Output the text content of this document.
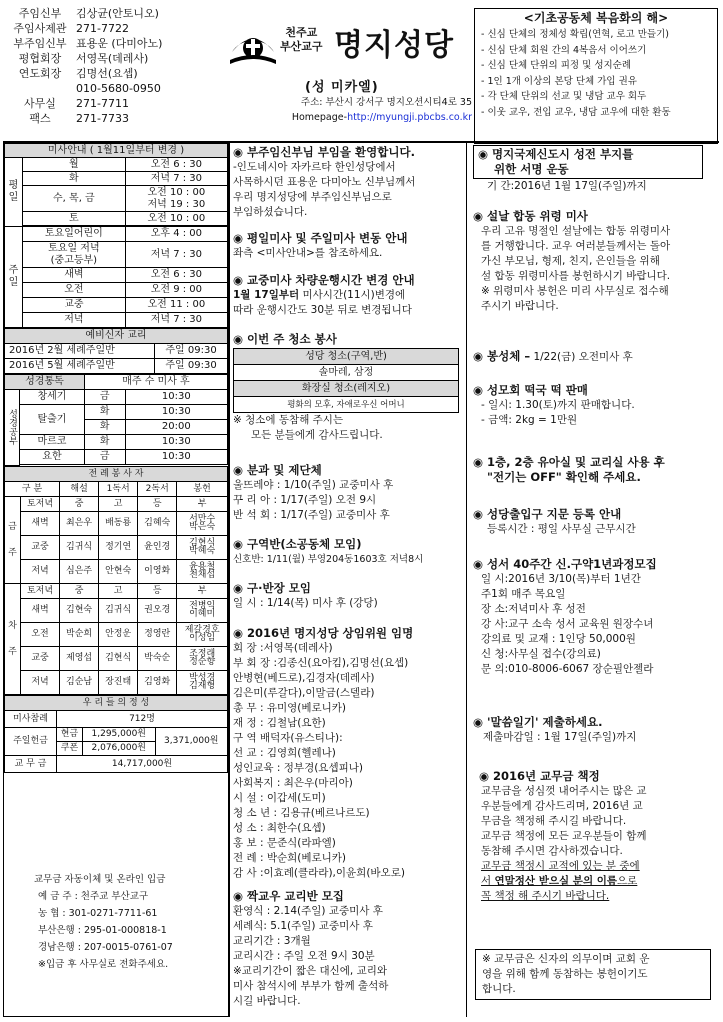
주임신부	김상균(안토니오)
주임사제관 271-7722
부주임신부 표용운 (다미아노)
평협회장	서영목(데레사)
연도회장	김명선(요셉)
010-5680-0950
사무실	271-7711
팩스	271-7733
천주교
부산교구 명지성당
(성 미카엘)
주소: 부산시 강서구 명지오션시티4로 35
Homepage-http://myungji.pbcbs.co.kr
<기초공동체 복음화의 해>
- 신심 단체의 정체성 확립(연혁, 로고 만들기)
- 신심 단체 회원 간의 4복음서 이어쓰기
- 신심 단체 단위의 피정 및 성지순례
- 1인 1개 이상의 본당 단체 가입 권유
- 각 단체 단위의 선교 및 냉담 교우 회두
- 이웃 교우, 전입 교우, 냉담 교우에 대한 환동
미사안내 ( 1월11일부터 변경 )		
평일	월	오전 6 : 30
	화	저녁 7 : 30
	수, 목, 금	오전 10 : 00
저녁 19 : 30
	토	오전 10 : 00

주일	토요일어린이	오후 4 : 00
	토요일 저녁
(중고등부)	저녁 7 : 30
	새벽	오전 6 : 30
	오전	오전 9 : 00
	교중	오전 11 : 00
	저녁	저녁 7 : 30
예비신자 교리	
2016년 2월 세례주일반	주일 09:30
2016년 5월 세례주일반	주일 09:30
성경통독		매주 수 미사 후	
성경공부	창세기	금	10:30
	탈출기	화	10:30
		화	20:00
	마르코	화	10:30
	요한	금	10:30

전 례 봉 사 자					
구 분		해설	1독서	2독서	봉헌
금주	토저녁	중	고	등	부
	새벽	최은우	배동룡	김혜숙	서만수
박은숙
	교중	김귀식	정기연	윤인경	김현식
박혜숙
	저녁	심은주	안현숙	이영화	윤용철
천채섭
차주	토저녁	중	고	등	부
	새벽	김현숙	김귀식	권오경	전병익
이혜미
	오전	박순희	안정운	정영란	제갈경호
이성임
	교중	제영섭	김현식	박숙순	조정래
정순향
	저녁	김순남	장진태	김영화	박성경
김재형
우 리 들 의 정 성			
미사참례	712명		
주일헌금	현금	1,295,000원	3,371,000원
	쿠폰	2,076,000원	
교 무 금	14,717,000원		
교무금 자동이체 및 온라인 입금
예 금 주 : 천주교 부산교구
농 협 : 301-0271-7711-61
부산은행 : 295-01-000818-1
경남은행 : 207-0015-0761-07
※입금 후 사무실로 전화주세요.
◉ 부주임신부님 부임을 환영합니다.
-인도네시아 자카르타 한인성당에서
사목하시던 표용운 다미아노 신부님께서
우리 명지성당에 부주임신부님으로
부임하셨습니다.
◉ 평일미사 및 주일미사 변동 안내
좌측 <미사안내>를 참조하세요.
◉ 교중미사 차량운행시간 변경 안내
1월 17일부터 미사시간(11시)변경에
따라 운행시간도 30분 뒤로 변경됩니다
◉ 이번 주 청소 봉사
성당 청소(구역,반)
솔마레, 삼정
화장실 청소(레지오)
평화의 모후, 자애로우신 어머니
※ 청소에 동참해 주시는
모든 분들에게 감사드립니다.
◉ 분과 및 제단체
울뜨레야 : 1/10(주일) 교중미사 후
꾸 리 아 : 1/17(주일) 오전 9시
반 석 회 : 1/17(주일) 교중미사 후
◉ 구역반(소공동체 모임)
신호반: 1/11(월) 부영204동1603호 저녁8시
◉ 구·반장 모임
일 시 : 1/14(목) 미사 후 (강당)
◉ 2016년 명지성당 상임위원 임명
회 장 :서영목(데레사)
부 회 장 :김종신(요아킴),김명선(요셉)
안병현(베드로),김경자(데레사)
김은미(루갈다),이말금(스델라)
총 무 : 유미영(베로니카)
재 정 : 김철남(요한)
구 역 배덕자(유스티나):
선 교 : 김영희(헬레나)
성인교육 : 정부경(요셉피나)
사회복지 : 최은우(마리아)
시 설 : 이갑세(도미)
청 소 년 : 김용규(베르나르도)
성 소 : 최한수(요셉)
홍 보 : 문준식(라파엘)
전 례 : 박순희(베로니카)
감 사 :이효례(클라라),이윤희(바오로)
◉ 짝교우 교리반 모집
환영식 : 2.14(주일) 교중미사 후
세례식: 5.1(주일) 교중미사 후
교리기간 : 3개월
교리시간 : 주일 오전 9시 30분
※교리기간이 짧은 대신에, 교리와
미사 참석시에 부부가 함께 출석하
시길 바랍니다.
◉ 명지국제신도시 성전 부지를
위한 서명 운동
기 간:2016년 1월 17일(주일)까지
◉ 설날 합동 위령 미사
우리 고유 명절인 설날에는 합동 위령미사
를 거행합니다. 교우 여러분들께서는 돌아
가신 부모님, 형제, 친지, 은인들을 위해
설 합동 위령미사를 봉헌하시기 바랍니다.
※ 위령미사 봉헌은 미리 사무실로 접수해
주시기 바랍니다.
◉ 봉성체 – 1/22(금) 오전미사 후
◉ 성모회 떡국 떡 판매
- 일시: 1.30(토)까지 판매합니다.
- 금액: 2kg = 1만원
◉ 1층, 2층 유아실 및 교리실 사용 후
"전기는 OFF" 확인해 주세요.
◉ 성당출입구 지문 등록 안내
등록시간 : 평일 사무실 근무시간
◉ 성서 40주간 신.구약1년과정모집
일 시:2016년 3/10(목)부터 1년간
주1회 매주 목요일
장 소:저녁미사 후 성전
강 사:교구 소속 성서 교육원 원장수녀
강의료 및 교재 : 1인당 50,000원
신 청:사무실 접수(강의료)
문 의:010-8006-6067 장순필안젤라
◉ '말씀일기' 제출하세요.
제출마감일 : 1월 17일(주일)까지
◉ 2016년 교무금 책정
교무금을 성심껏 내어주시는 많은 교
우분들에게 감사드리며, 2016년 교
무금을 책정해 주시길 바랍니다.
교무금 책정에 모든 교우분들이 함께
동참해 주시면 감사하겠습니다.
교무금 책정시 교적에 있는 분 중에
서 연말정산 받으실 분의 이름으로
꼭 책정 해 주시기 바랍니다.
※ 교무금은 신자의 의무이며 교회 운
영을 위해 함께 동참하는 봉헌이기도
합니다.
